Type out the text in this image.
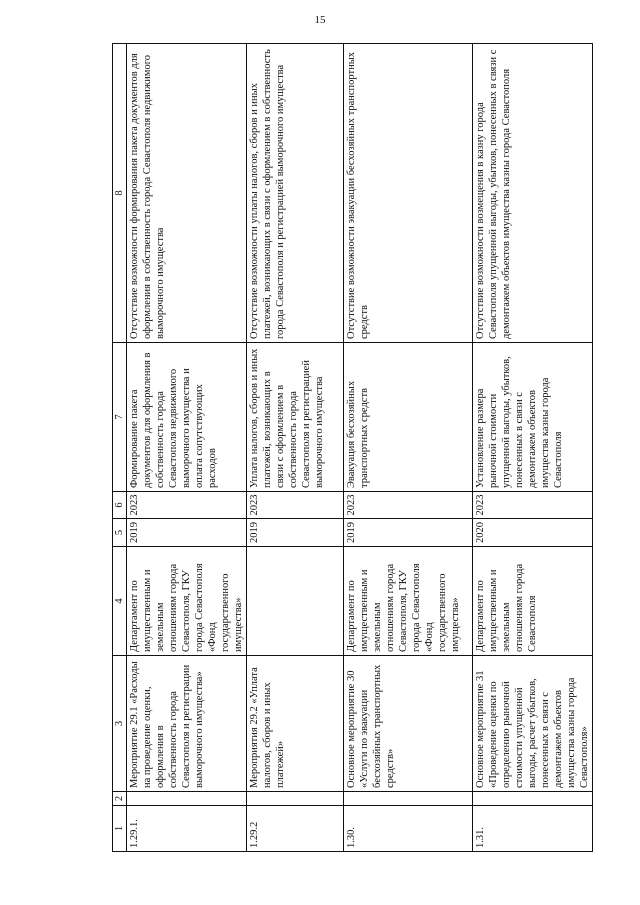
15
1	2	3	4	5	6	7	8
1.29.1.		Мероприятие 29.1 «Расходы на проведение оценки, оформления в собственность города Севастополя и регистрации выморочного имущества»	Департамент по имущественным и земельным отношениям города Севастополя, ГКУ города Севастополя «Фонд государственного имущества»	2019	2023	Формирование пакета документов для оформления в собственность города Севастополя недвижимого выморочного имущества и оплата сопутствующих расходов	Отсутствие возможности формирования пакета документов для оформления в собственность города Севастополя недвижимого выморочного имущества
1.29.2		Мероприятия 29.2 «Уплата налогов, сборов и иных платежей»		2019	2023	Уплата налогов, сборов и иных платежей, возникающих в связи с оформлением в собственность города Севастополя и регистрацией выморочного имущества	Отсутствие возможности уплаты налогов, сборов и иных платежей, возникающих в связи с оформлением в собственность города Севастополя и регистрацией выморочного имущества
1.30.		Основное мероприятие 30 «Услуги по эвакуации бесхозяйных транспортных средств»	Департамент по имущественным и земельным отношениям города Севастополя, ГКУ города Севастополя «Фонд государственного имущества»	2019	2023	Эвакуация бесхозяйных транспортных средств	Отсутствие возможности эвакуации бесхозяйных транспортных средств
1.31.		Основное мероприятие 31 «Проведение оценки по определению рыночной стоимости упущенной выгоды, расчет убытков, понесенных в связи с демонтажем объектов имущества казны города Севастополя»	Департамент по имущественным и земельным отношениям города Севастополя	2020	2023	Установление размера рыночной стоимости упущенной выгоды, убытков, понесенных в связи с демонтажем объектов имущества казны города Севастополя	Отсутствие возможности возмещения в казну города Севастополя упущенной выгоды, убытков, понесенных в связи с демонтажем объектов имущества казны города Севастополя
